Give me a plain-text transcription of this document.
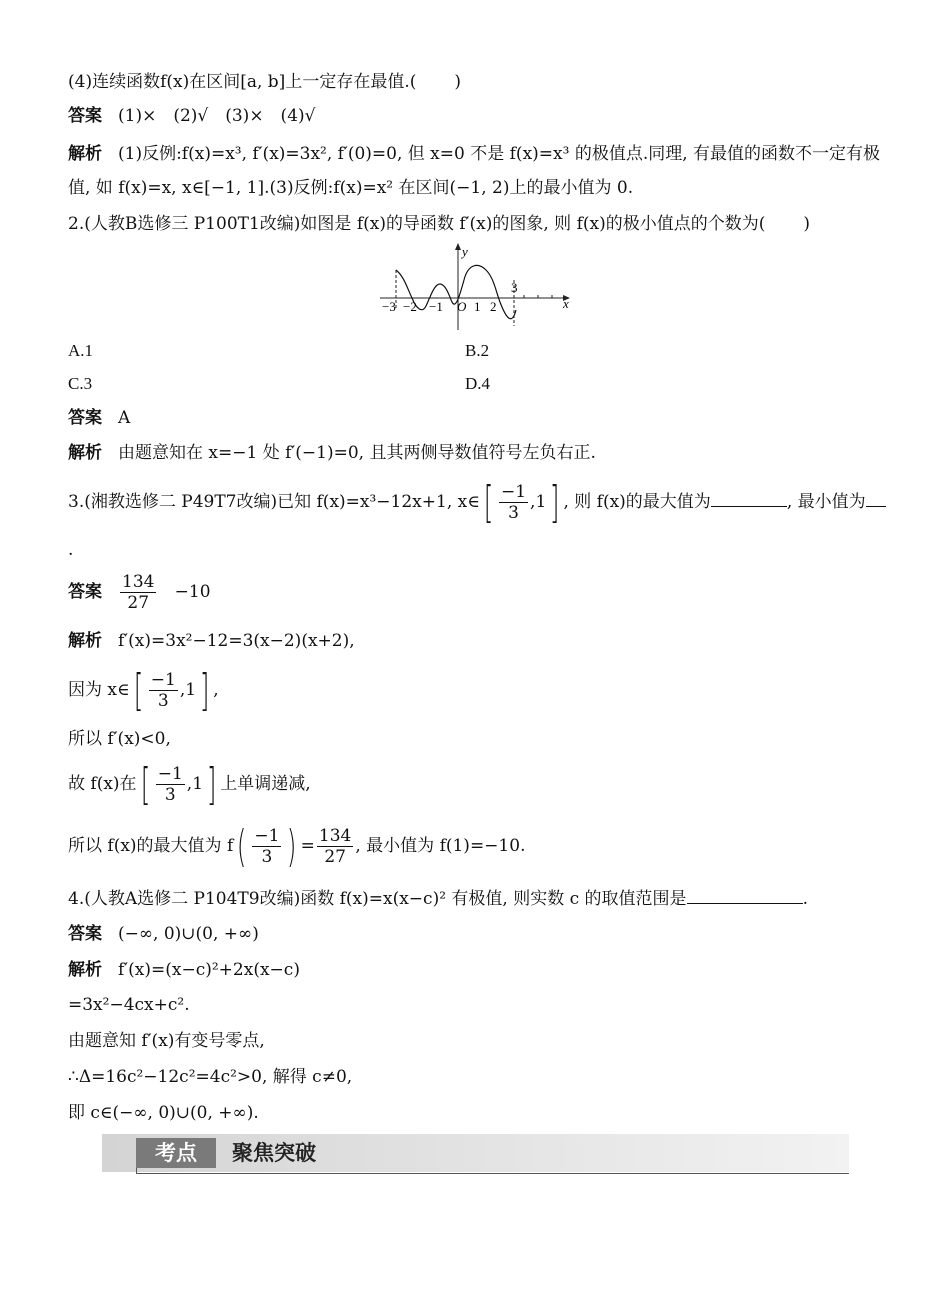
(4)连续函数f(x)在区间[a, b]上一定存在最值.( )
答案 (1)×　(2)√　(3)×　(4)√
解析 (1)反例:f(x)=x³, f′(x)=3x², f′(0)=0, 但 x=0 不是 f(x)=x³ 的极值点.同理, 有最值的函数不一定有极
值, 如 f(x)=x, x∈[−1, 1].(3)反例:f(x)=x² 在区间(−1, 2)上的最小值为 0.
2.(人教B选修三 P100T1改编)如图是 f(x)的导函数 f′(x)的图象, 则 f(x)的极小值点的个数为( )
y
x
O
−3 −2 −1 1 2
3
A.1	B.2
C.3	D.4
答案 A
解析 由题意知在 x=−1 处 f′(−1)=0, 且其两侧导数值符号左负右正.
3.(湘教选修二 P49T7改编)已知 f(x)=x³−12x+1, x∈[ $\frac{-1}{3} ,1$] , 则 f(x)的最大值为	, 最小值为
.
答案 $\frac{134}{27} -10$
解析 f′(x)=3x²−12=3(x−2)(x+2),
因为 x∈[ $\frac{-1}{3} ,1$] ,
所以 f′(x)<0,
故 f(x)在[ $\frac{-1}{3} ,1$] 上单调递减,
所以 f(x)的最大值为 $f( \frac{-1}{3}$ ) = $\frac{134}{27}$ , 最小值为 f(1)=−10.
4.(人教A选修二 P104T9改编)函数 f(x)=x(x−c)² 有极值, 则实数 c 的取值范围是	.
答案 (−∞, 0)∪(0, +∞)
解析 f′(x)=(x−c)²+2x(x−c)
=3x²−4cx+c².
由题意知 f′(x)有变号零点,
∴Δ=16c²−12c²=4c²>0, 解得 c≠0,
即 c∈(−∞, 0)∪(0, +∞).
考点	聚焦突破
